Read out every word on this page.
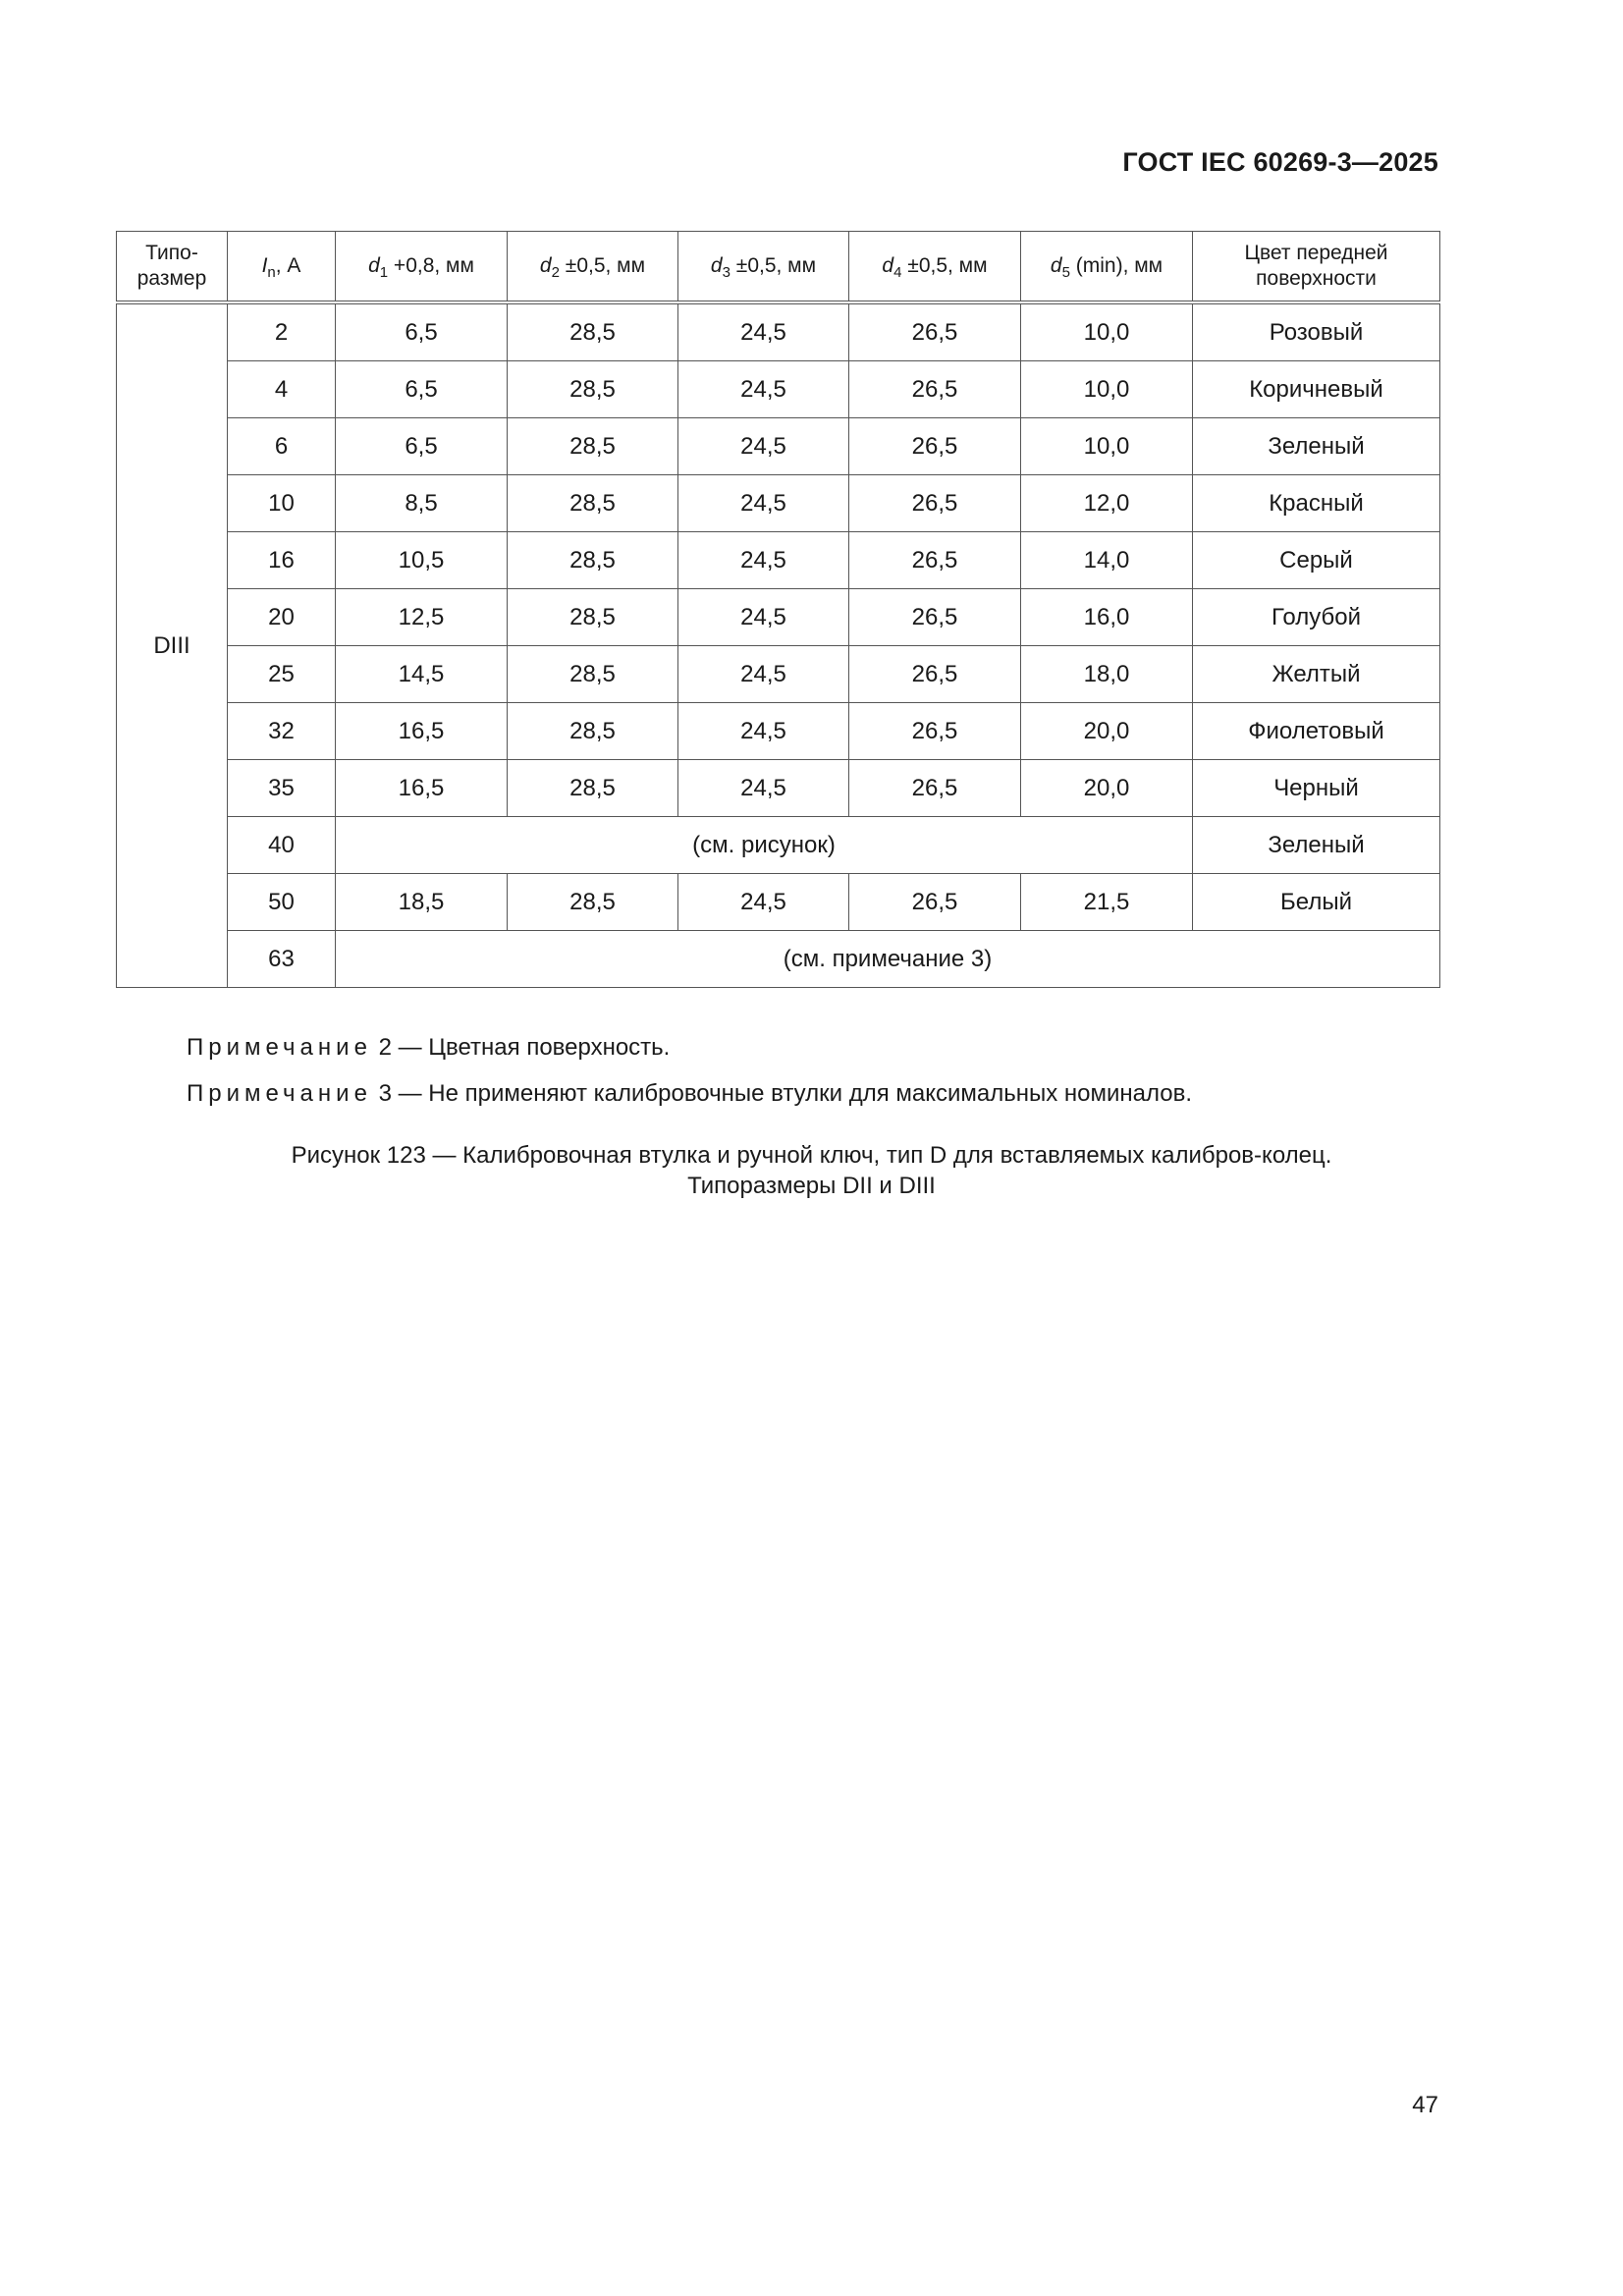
ГОСТ IEC 60269-3—2025
Типо-
размер	$I_n$, А	$d_1 +0,8$, мм	$d_2 \pm 0,5$, мм	$d_3 \pm 0,5$, мм	$d_4 \pm 0,5$, мм	$d_5$ (min), мм	Цвет передней
поверхности
DIII	2	6,5	28,5	24,5	26,5	10,0	Розовый
	4	6,5	28,5	24,5	26,5	10,0	Коричневый
	6	6,5	28,5	24,5	26,5	10,0	Зеленый
	10	8,5	28,5	24,5	26,5	12,0	Красный
	16	10,5	28,5	24,5	26,5	14,0	Серый
	20	12,5	28,5	24,5	26,5	16,0	Голубой
	25	14,5	28,5	24,5	26,5	18,0	Желтый
	32	16,5	28,5	24,5	26,5	20,0	Фиолетовый
	35	16,5	28,5	24,5	26,5	20,0	Черный
	40	(см. рисунок)					Зеленый
	50	18,5	28,5	24,5	26,5	21,5	Белый
	63	(см. примечание 3)					

Примечание 2 — Цветная поверхность.

Примечание 3 — Не применяют калибровочные втулки для максимальных номиналов.

Рисунок 123 — Калибровочная втулка и ручной ключ, тип D для вставляемых калибров-колец.
Типоразмеры DII и DIII
47
